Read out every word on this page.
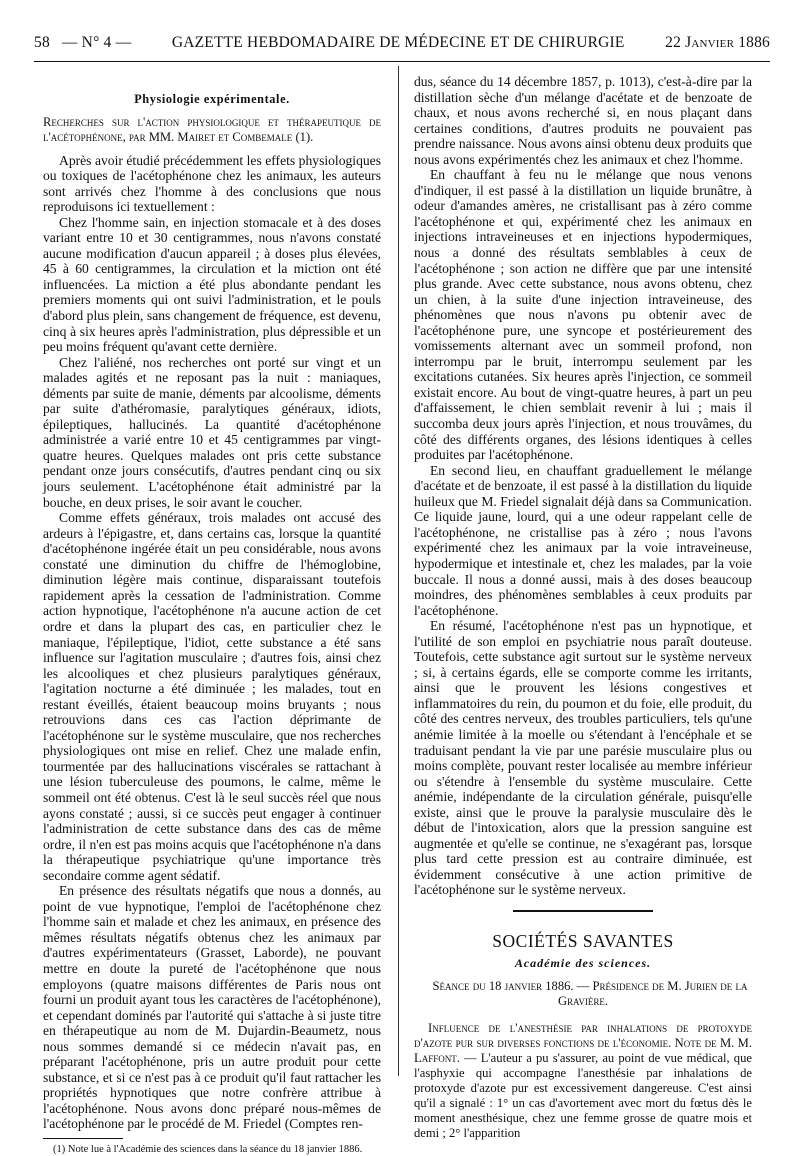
58 — N° 4 —	GAZETTE HEBDOMADAIRE DE MÉDECINE ET DE CHIRURGIE	22 Janvier 1886
Physiologie expérimentale.

Recherches sur l'action physiologique et thérapeutique de l'acétophénone, par MM. Mairet et Combemale (1).

Après avoir étudié précédemment les effets physiologiques ou toxiques de l'acétophénone chez les animaux, les auteurs sont arrivés chez l'homme à des conclusions que nous reproduisons ici textuellement :

Chez l'homme sain, en injection stomacale et à des doses variant entre 10 et 30 centigrammes, nous n'avons constaté aucune modification d'aucun appareil ; à doses plus élevées, 45 à 60 centigrammes, la circulation et la miction ont été influencées. La miction a été plus abondante pendant les premiers moments qui ont suivi l'administration, et le pouls d'abord plus plein, sans changement de fréquence, est devenu, cinq à six heures après l'administration, plus dépressible et un peu moins fréquent qu'avant cette dernière.

Chez l'aliéné, nos recherches ont porté sur vingt et un malades agités et ne reposant pas la nuit : maniaques, déments par suite de manie, déments par alcoolisme, déments par suite d'athéromasie, paralytiques généraux, idiots, épileptiques, hallucinés. La quantité d'acétophénone administrée a varié entre 10 et 45 centigrammes par vingt-quatre heures. Quelques malades ont pris cette substance pendant onze jours consécutifs, d'autres pendant cinq ou six jours seulement. L'acétophénone était administré par la bouche, en deux prises, le soir avant le coucher.

Comme effets généraux, trois malades ont accusé des ardeurs à l'épigastre, et, dans certains cas, lorsque la quantité d'acétophénone ingérée était un peu considérable, nous avons constaté une diminution du chiffre de l'hémoglobine, diminution légère mais continue, disparaissant toutefois rapidement après la cessation de l'administration. Comme action hypnotique, l'acétophénone n'a aucune action de cet ordre et dans la plupart des cas, en particulier chez le maniaque, l'épileptique, l'idiot, cette substance a été sans influence sur l'agitation musculaire ; d'autres fois, ainsi chez les alcooliques et chez plusieurs paralytiques généraux, l'agitation nocturne a été diminuée ; les malades, tout en restant éveillés, étaient beaucoup moins bruyants ; nous retrouvions dans ces cas l'action déprimante de l'acétophénone sur le système musculaire, que nos recherches physiologiques ont mise en relief. Chez une malade enfin, tourmentée par des hallucinations viscérales se rattachant à une lésion tuberculeuse des poumons, le calme, même le sommeil ont été obtenus. C'est là le seul succès réel que nous ayons constaté ; aussi, si ce succès peut engager à continuer l'administration de cette substance dans des cas de même ordre, il n'en est pas moins acquis que l'acétophénone n'a dans la thérapeutique psychiatrique qu'une importance très secondaire comme agent sédatif.

En présence des résultats négatifs que nous a donnés, au point de vue hypnotique, l'emploi de l'acétophénone chez l'homme sain et malade et chez les animaux, en présence des mêmes résultats négatifs obtenus chez les animaux par d'autres expérimentateurs (Grasset, Laborde), ne pouvant mettre en doute la pureté de l'acétophénone que nous employons (quatre maisons différentes de Paris nous ont fourni un produit ayant tous les caractères de l'acétophénone), et cependant dominés par l'autorité qui s'attache à si juste titre en thérapeutique au nom de M. Dujardin-Beaumetz, nous nous sommes demandé si ce médecin n'avait pas, en préparant l'acétophénone, pris un autre produit pour cette substance, et si ce n'est pas à ce produit qu'il faut rattacher les propriétés hypnotiques que notre confrère attribue à l'acétophénone. Nous avons donc préparé nous-mêmes de l'acétophénone par le procédé de M. Friedel (Comptes ren-

(1) Note lue à l'Académie des sciences dans la séance du 18 janvier 1886.

dus, séance du 14 décembre 1857, p. 1013), c'est-à-dire par la distillation sèche d'un mélange d'acétate et de benzoate de chaux, et nous avons recherché si, en nous plaçant dans certaines conditions, d'autres produits ne pouvaient pas prendre naissance. Nous avons ainsi obtenu deux produits que nous avons expérimentés chez les animaux et chez l'homme.

En chauffant à feu nu le mélange que nous venons d'indiquer, il est passé à la distillation un liquide brunâtre, à odeur d'amandes amères, ne cristallisant pas à zéro comme l'acétophénone et qui, expérimenté chez les animaux en injections intraveineuses et en injections hypodermiques, nous a donné des résultats semblables à ceux de l'acétophénone ; son action ne diffère que par une intensité plus grande. Avec cette substance, nous avons obtenu, chez un chien, à la suite d'une injection intraveineuse, des phénomènes que nous n'avons pu obtenir avec de l'acétophénone pure, une syncope et postérieurement des vomissements alternant avec un sommeil profond, non interrompu par le bruit, interrompu seulement par les excitations cutanées. Six heures après l'injection, ce sommeil existait encore. Au bout de vingt-quatre heures, à part un peu d'affaissement, le chien semblait revenir à lui ; mais il succomba deux jours après l'injection, et nous trouvâmes, du côté des différents organes, des lésions identiques à celles produites par l'acétophénone.

En second lieu, en chauffant graduellement le mélange d'acétate et de benzoate, il est passé à la distillation du liquide huileux que M. Friedel signalait déjà dans sa Communication. Ce liquide jaune, lourd, qui a une odeur rappelant celle de l'acétophénone, ne cristallise pas à zéro ; nous l'avons expérimenté chez les animaux par la voie intraveineuse, hypodermique et intestinale et, chez les malades, par la voie buccale. Il nous a donné aussi, mais à des doses beaucoup moindres, des phénomènes semblables à ceux produits par l'acétophénone.

En résumé, l'acétophénone n'est pas un hypnotique, et l'utilité de son emploi en psychiatrie nous paraît douteuse. Toutefois, cette substance agit surtout sur le système nerveux ; si, à certains égards, elle se comporte comme les irritants, ainsi que le prouvent les lésions congestives et inflammatoires du rein, du poumon et du foie, elle produit, du côté des centres nerveux, des troubles particuliers, tels qu'une anémie limitée à la moelle ou s'étendant à l'encéphale et se traduisant pendant la vie par une parésie musculaire plus ou moins complète, pouvant rester localisée au membre inférieur ou s'étendre à l'ensemble du système musculaire. Cette anémie, indépendante de la circulation générale, puisqu'elle existe, ainsi que le prouve la paralysie musculaire dès le début de l'intoxication, alors que la pression sanguine est augmentée et qu'elle se continue, ne s'exagérant pas, lorsque plus tard cette pression est au contraire diminuée, est évidemment consécutive à une action primitive de l'acétophénone sur le système nerveux.

SOCIÉTÉS SAVANTES
Académie des sciences.

Séance du 18 janvier 1886. — Présidence de M. Jurien de la Gravière.

Influence de l'anesthésie par inhalations de protoxyde d'azote pur sur diverses fonctions de l'économie. Note de M. M. Laffont. — L'auteur a pu s'assurer, au point de vue médical, que l'asphyxie qui accompagne l'anesthésie par inhalations de protoxyde d'azote pur est excessivement dangereuse. C'est ainsi qu'il a signalé : 1° un cas d'avortement avec mort du fœtus dès le moment anesthésique, chez une femme grosse de quatre mois et demi ; 2° l'apparition
